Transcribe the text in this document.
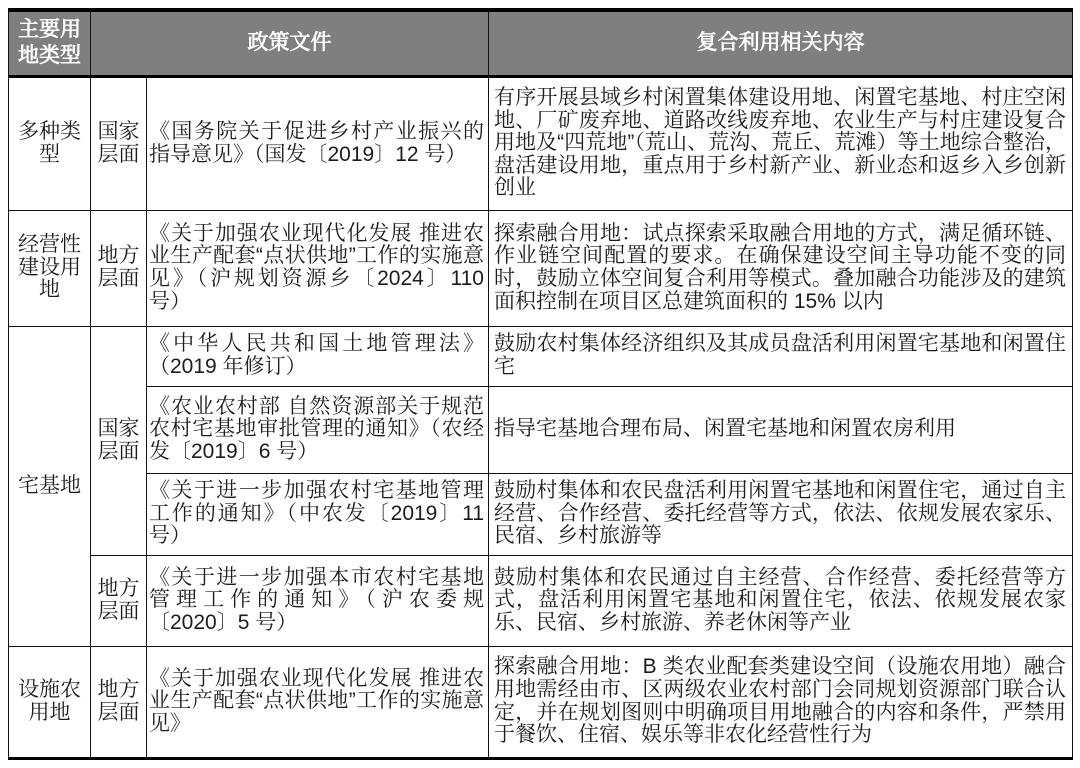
主要用地类型	政策文件		复合利用相关内容
多种类型	国家层面	《国务院关于促进乡村产业振兴的指导意见》（国发〔2019〕12 号）	有序开展县域乡村闲置集体建设用地、闲置宅基地、村庄空闲地、厂矿废弃地、道路改线废弃地、农业生产与村庄建设复合用地及“四荒地”（荒山、荒沟、荒丘、荒滩）等土地综合整治，盘活建设用地，重点用于乡村新产业、新业态和返乡入乡创新创业
经营性建设用地	地方层面	《关于加强农业现代化发展 推进农业生产配套“点状供地”工作的实施意见》（沪规划资源乡〔2024〕110 号）	探索融合用地：试点探索采取融合用地的方式，满足循环链、作业链空间配置的要求。在确保建设空间主导功能不变的同时，鼓励立体空间复合利用等模式。叠加融合功能涉及的建筑面积控制在项目区总建筑面积的 15% 以内
宅基地	国家层面	《中华人民共和国土地管理法》（2019 年修订）	鼓励农村集体经济组织及其成员盘活利用闲置宅基地和闲置住宅
		《农业农村部 自然资源部关于规范农村宅基地审批管理的通知》（农经发〔2019〕6 号）	指导宅基地合理布局、闲置宅基地和闲置农房利用
		《关于进一步加强农村宅基地管理工作的通知》（中农发〔2019〕11 号）	鼓励村集体和农民盘活利用闲置宅基地和闲置住宅，通过自主经营、合作经营、委托经营等方式，依法、依规发展农家乐、民宿、乡村旅游等
	地方层面	《关于进一步加强本市农村宅基地管理工作的通知》（沪农委规〔2020〕5 号）	鼓励村集体和农民通过自主经营、合作经营、委托经营等方式，盘活利用闲置宅基地和闲置住宅，依法、依规发展农家乐、民宿、乡村旅游、养老休闲等产业
设施农用地	地方层面	《关于加强农业现代化发展 推进农业生产配套“点状供地”工作的实施意见》	探索融合用地：B 类农业配套类建设空间（设施农用地）融合用地需经由市、区两级农业农村部门会同规划资源部门联合认定，并在规划图则中明确项目用地融合的内容和条件，严禁用于餐饮、住宿、娱乐等非农化经营性行为
